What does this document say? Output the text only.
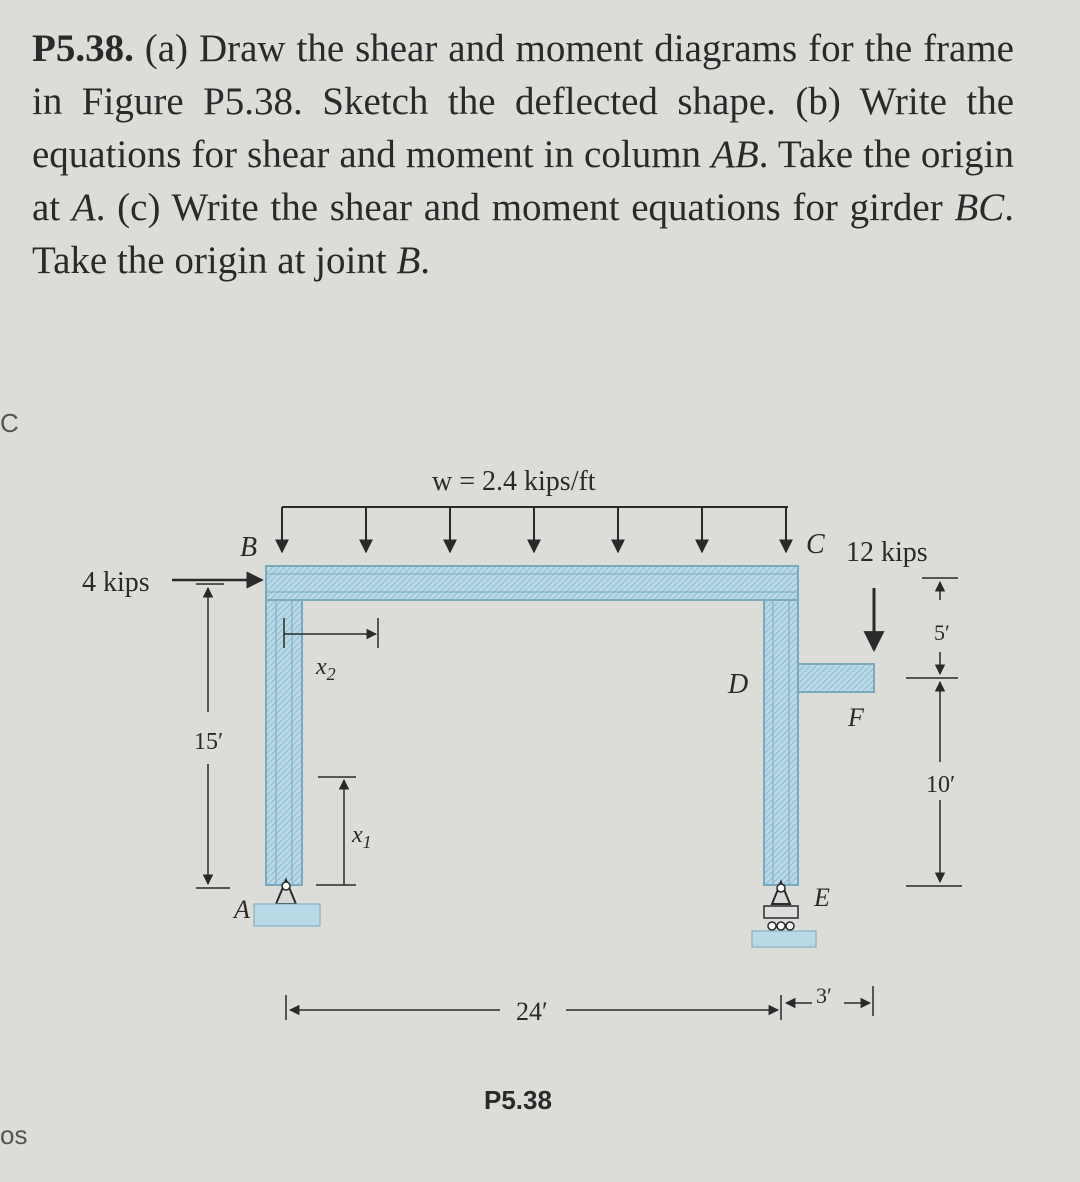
P5.38. (a) Draw the shear and moment diagrams for the frame in Figure P5.38. Sketch the deflected shape. (b) Write the equations for shear and moment in column AB. Take the origin at A. (c) Write the shear and moment equations for girder BC. Take the origin at joint B.
C
os
w = 2.4 kips/ft
4 kips
12 kips
B	C
D
F
A	E
$x_2$
$x_1$
15′
24′
3′
5′
10′
P5.38
